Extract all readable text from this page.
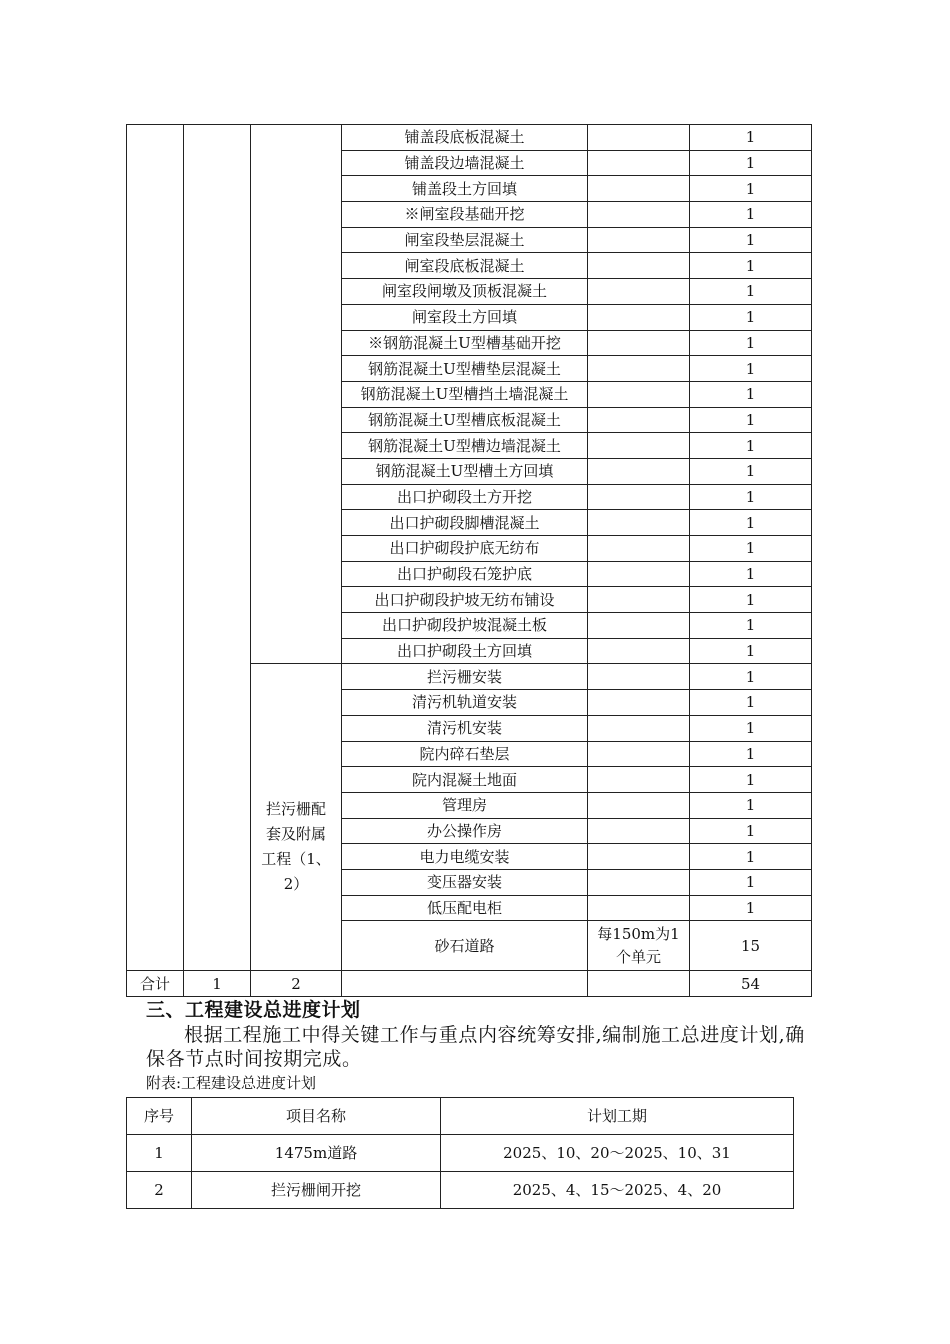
			铺盖段底板混凝土		1
			铺盖段边墙混凝土		1
			铺盖段土方回填		1
			※闸室段基础开挖		1
			闸室段垫层混凝土		1
			闸室段底板混凝土		1
			闸室段闸墩及顶板混凝土		1
			闸室段土方回填		1
			※钢筋混凝土U型槽基础开挖		1
			钢筋混凝土U型槽垫层混凝土		1
			钢筋混凝土U型槽挡土墙混凝土		1
			钢筋混凝土U型槽底板混凝土		1
			钢筋混凝土U型槽边墙混凝土		1
			钢筋混凝土U型槽土方回填		1
			出口护砌段土方开挖		1
			出口护砌段脚槽混凝土		1
			出口护砌段护底无纺布		1
			出口护砌段石笼护底		1
			出口护砌段护坡无纺布铺设		1
			出口护砌段护坡混凝土板		1
			出口护砌段土方回填		1
		拦污栅配套及附属工程（1、2）	拦污栅安装		1
			清污机轨道安装		1
			清污机安装		1
			院内碎石垫层		1
			院内混凝土地面		1
			管理房		1
			办公操作房		1
			电力电缆安装		1
			变压器安装		1
			低压配电柜		1
			砂石道路	每150m为1个单元	15
合计	1	2			54
三、工程建设总进度计划
根据工程施工中得关键工作与重点内容统筹安排,编制施工总进度计划,确保各节点时间按期完成。
附表:工程建设总进度计划
序号	项目名称	计划工期
1	1475m道路	2025、10、20～2025、10、31
2	拦污栅闸开挖	2025、4、15～2025、4、20
